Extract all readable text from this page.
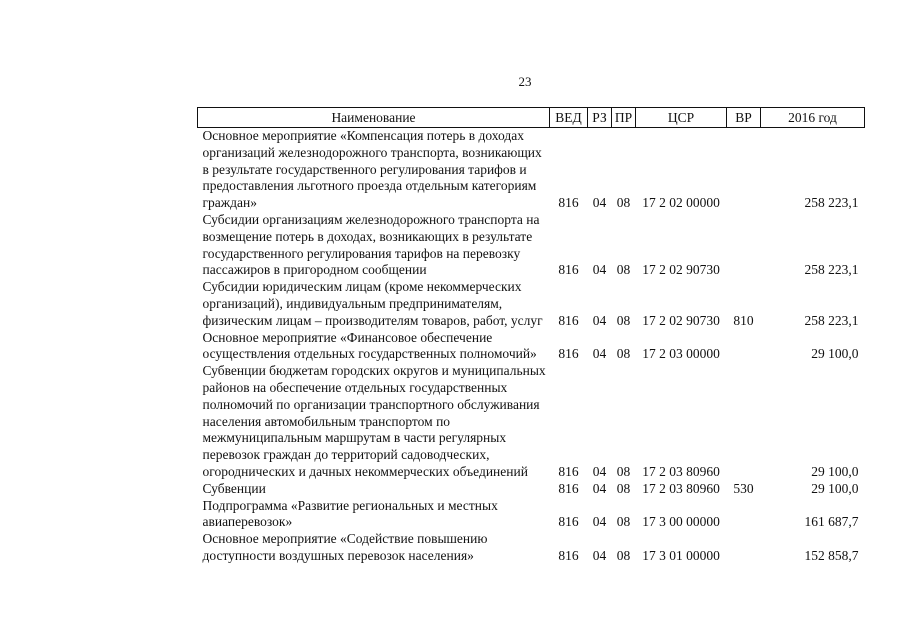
23
Наименование	ВЕД	РЗ	ПР	ЦСР	ВР	2016 год
Основное мероприятие «Компенсация потерь в доходах организаций железнодорожного транспорта, возникающих в результате государственного регулирования тарифов и предоставления льготного проезда отдельным категориям граждан»	816	04	08	17 2 02 00000		258 223,1
Субсидии организациям железнодорожного транспорта на возмещение потерь в доходах, возникающих в результате государственного регулирования тарифов на перевозку пассажиров в пригородном сообщении	816	04	08	17 2 02 90730		258 223,1
Субсидии юридическим лицам (кроме некоммерческих организаций), индивидуальным предпринимателям, физическим лицам – производителям товаров, работ, услуг	816	04	08	17 2 02 90730	810	258 223,1
Основное мероприятие «Финансовое обеспечение осуществления отдельных государственных полномочий»	816	04	08	17 2 03 00000		29 100,0
Субвенции бюджетам городских округов и муниципальных районов на обеспечение отдельных государственных полномочий по организации транспортного обслуживания населения автомобильным транспортом по межмуниципальным маршрутам в части регулярных перевозок граждан до территорий садоводческих, огороднических и дачных некоммерческих объединений	816	04	08	17 2 03 80960		29 100,0
Субвенции	816	04	08	17 2 03 80960	530	29 100,0
Подпрограмма «Развитие региональных и местных авиаперевозок»	816	04	08	17 3 00 00000		161 687,7
Основное мероприятие «Содействие повышению доступности воздушных перевозок населения»	816	04	08	17 3 01 00000		152 858,7
